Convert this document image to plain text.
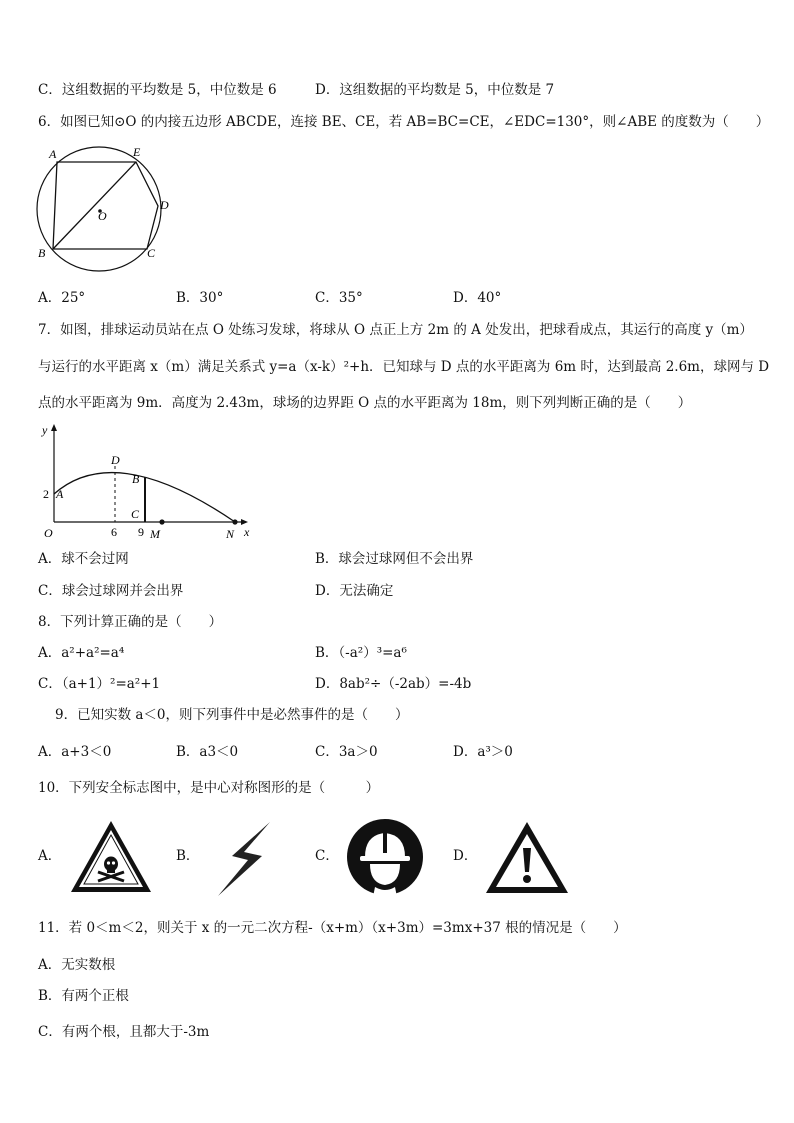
C．这组数据的平均数是 5，中位数是 6	D．这组数据的平均数是 5，中位数是 7
6．如图已知⊙O 的内接五边形 ABCDE，连接 BE、CE，若 AB=BC=CE，∠EDC=130°，则∠ABE 的度数为（　　）
A	E
D
B	C
O
A．25°	B．30°	C．35°	D．40°
7．如图，排球运动员站在点 O 处练习发球，将球从 O 点正上方 2m 的 A 处发出，把球看成点，其运行的高度 y（m）
与运行的水平距离 x（m）满足关系式 y=a（x-k）²+h．已知球与 D 点的水平距离为 6m 时，达到最高 2.6m，球网与 D
点的水平距离为 9m．高度为 2.43m，球场的边界距 O 点的水平距离为 18m，则下列判断正确的是（　　）
y
x
O
D
B
C
A
2
6 9 M	N
A．球不会过网	B．球会过球网但不会出界
C．球会过球网并会出界	D．无法确定
8．下列计算正确的是（　　）
A．a²+a²=a⁴	B．（-a²）³=a⁶
C．（a+1）²=a²+1	D．8ab²÷（-2ab）=-4b
9．已知实数 a＜0，则下列事件中是必然事件的是（　　）
A．a+3＜0	B．a3＜0	C．3a＞0	D．a³＞0
10．下列安全标志图中，是中心对称图形的是（　　　）
A．	B．	C．	D．
11．若 0＜m＜2，则关于 x 的一元二次方程-（x+m）（x+3m）=3mx+37 根的情况是（　　）
A．无实数根
B．有两个正根
C．有两个根，且都大于-3m
